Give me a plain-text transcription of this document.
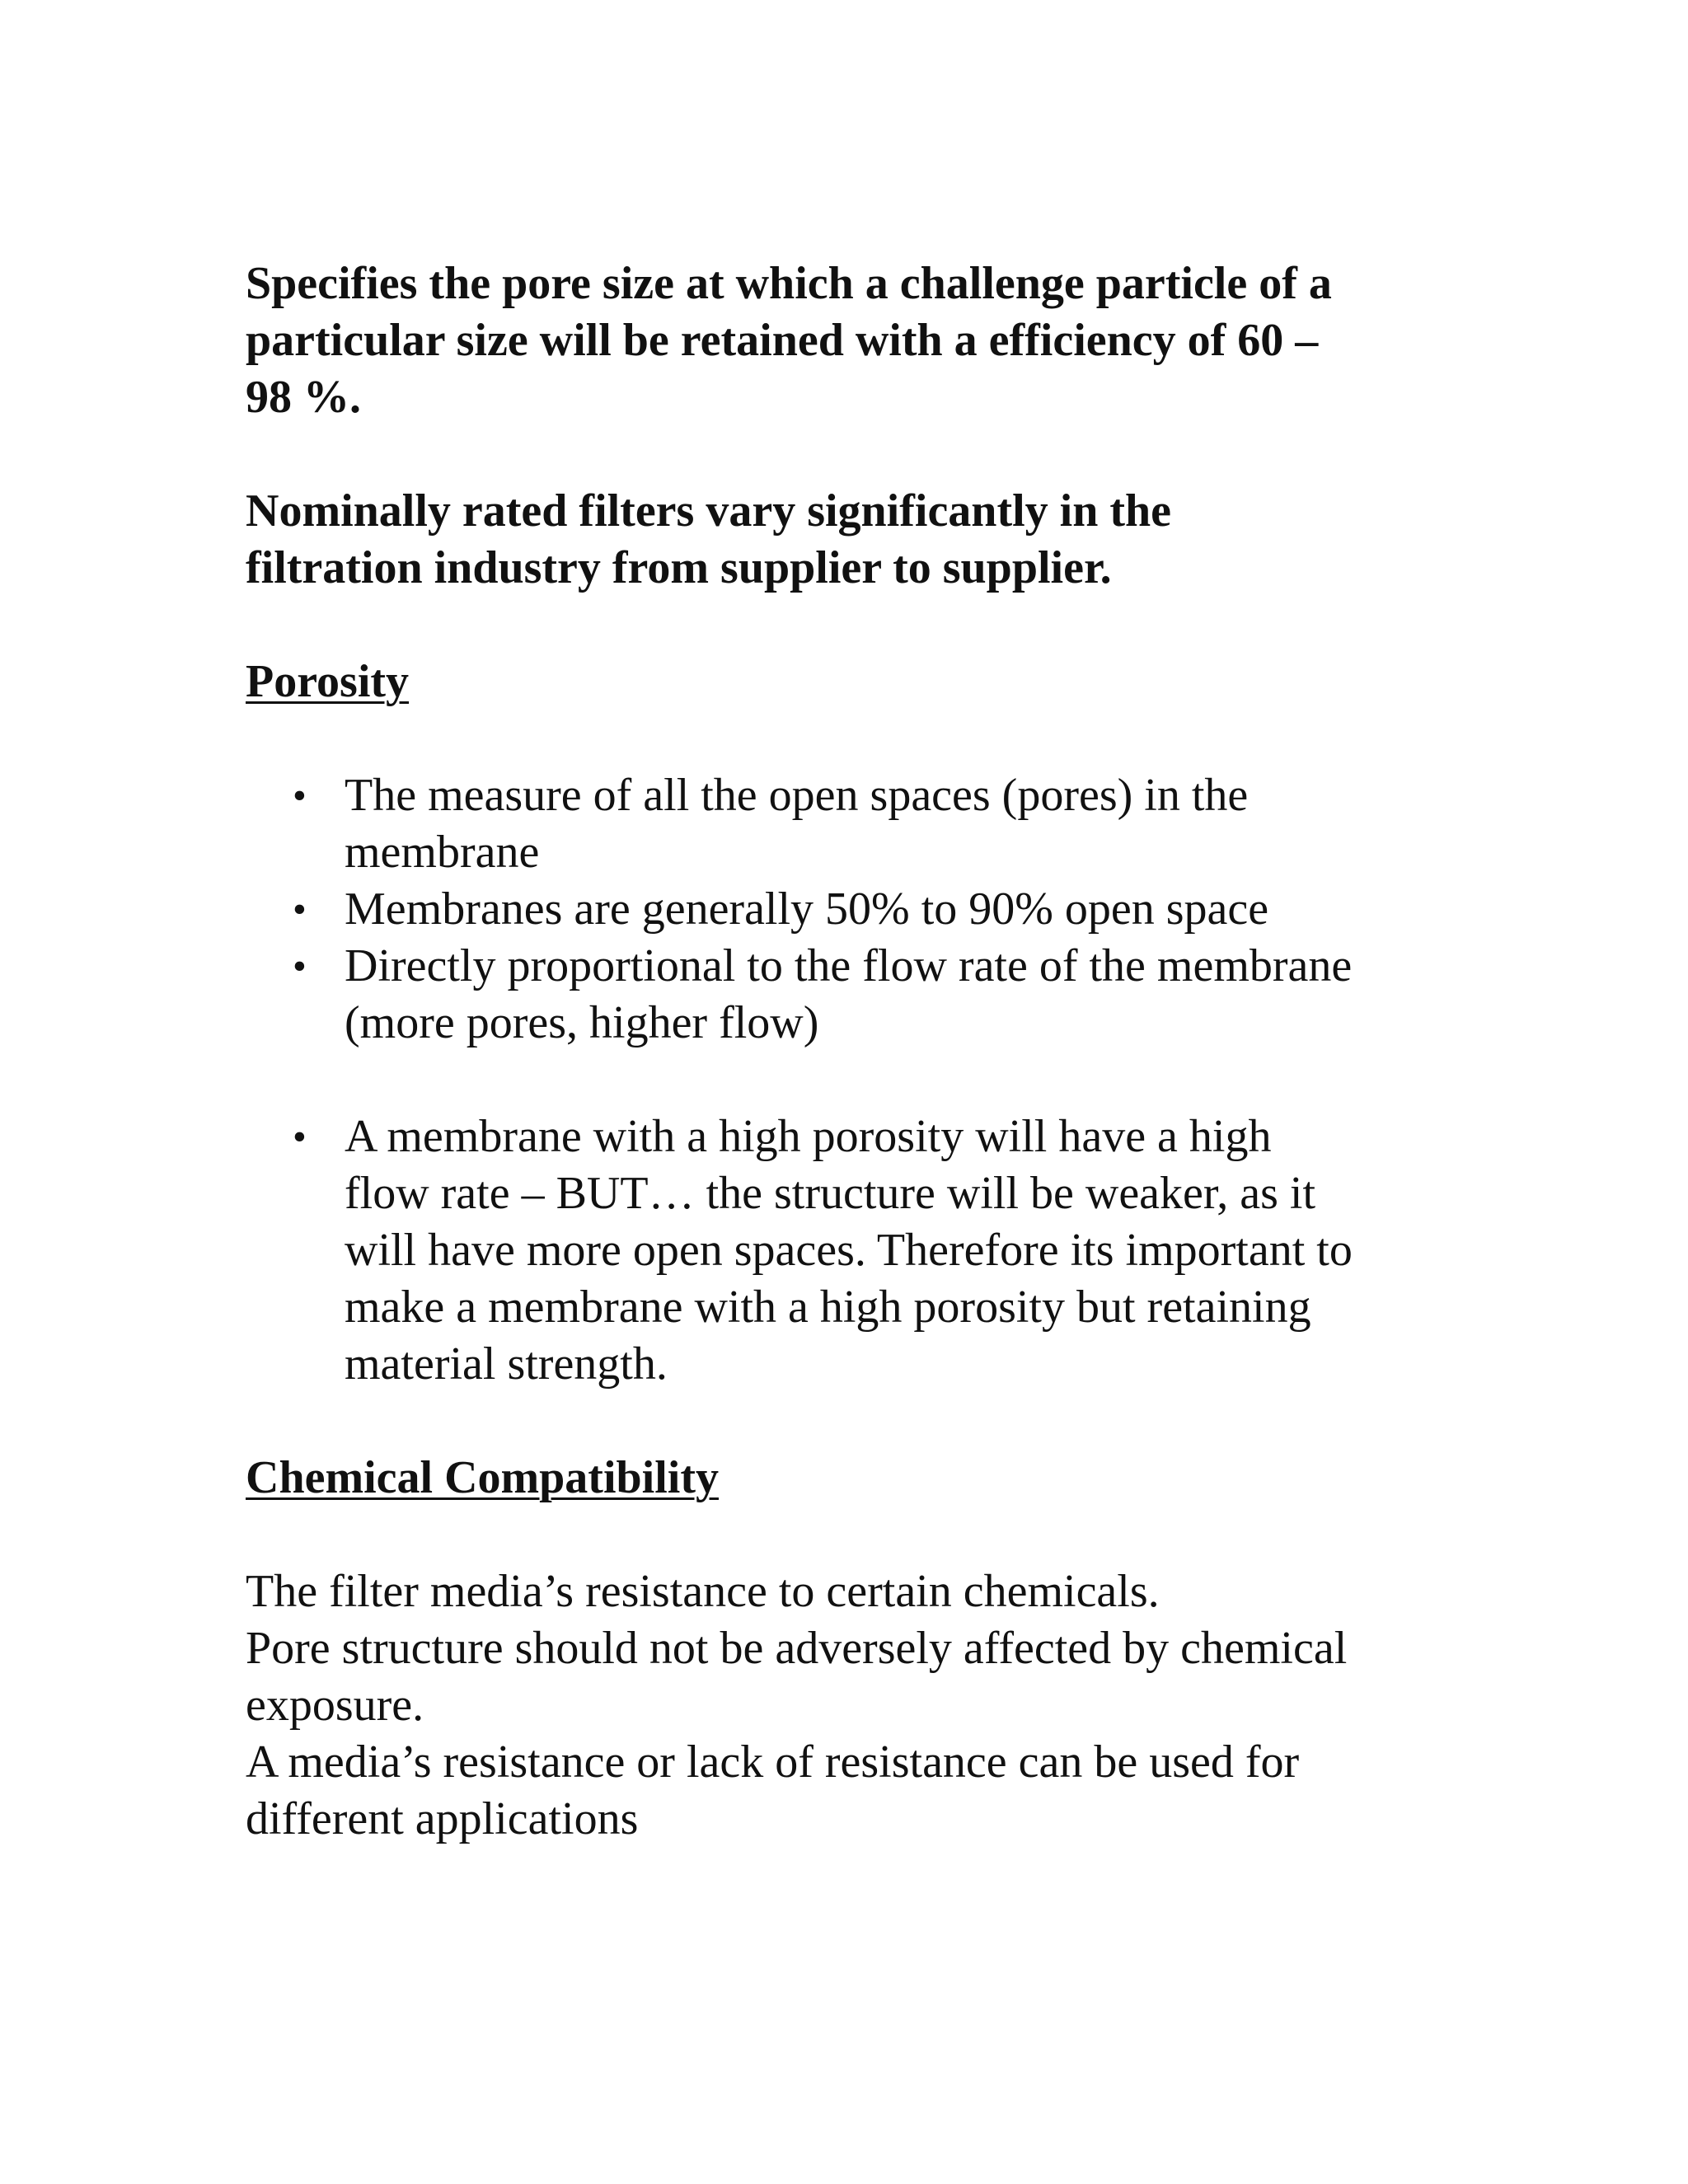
Specifies the pore size at which a challenge particle of a
particular size will be retained with a efficiency of 60 –
98 %.
Nominally rated filters vary significantly in the
filtration industry from supplier to supplier.
Porosity
• The measure of all the open spaces (pores) in the
membrane
• Membranes are generally 50% to 90% open space
• Directly proportional to the flow rate of the membrane
(more pores, higher flow)
• A membrane with a high porosity will have a high
flow rate – BUT… the structure will be weaker, as it
will have more open spaces. Therefore its important to
make a membrane with a high porosity but retaining
material strength.
Chemical Compatibility
The filter media’s resistance to certain chemicals.
Pore structure should not be adversely affected by chemical
exposure.
A media’s resistance or lack of resistance can be used for
different applications
